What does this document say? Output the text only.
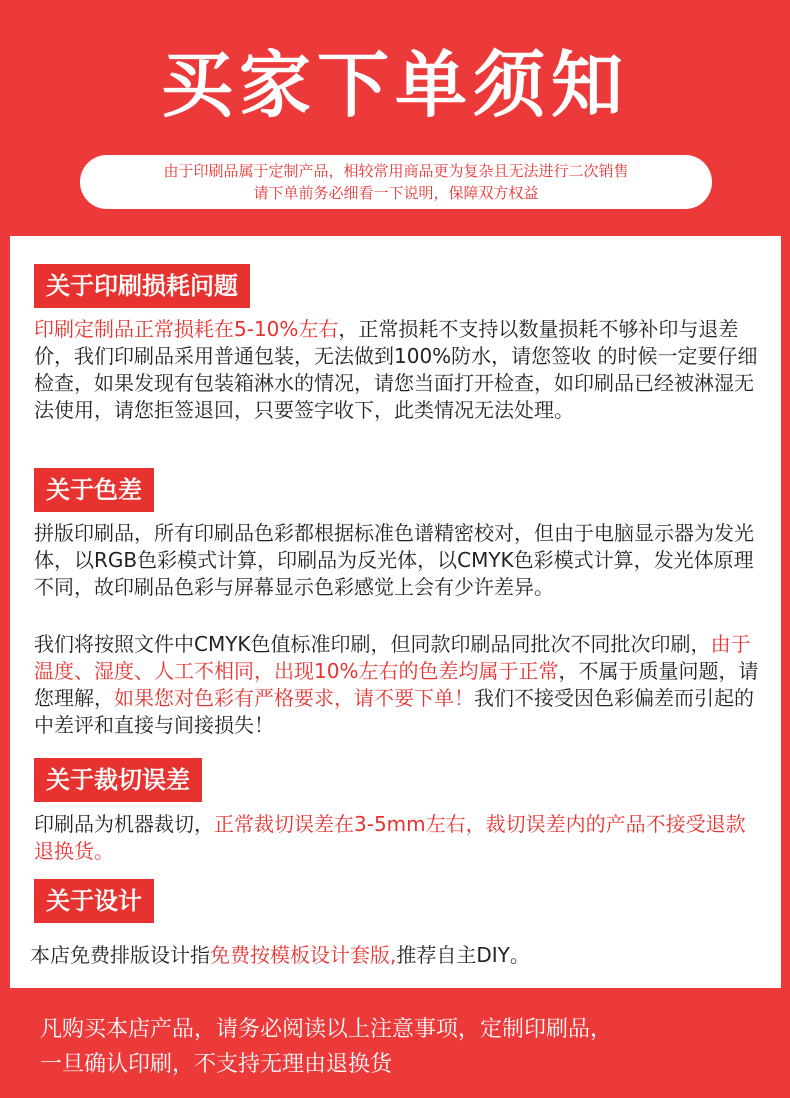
买家下单须知
由于印刷品属于定制产品，相较常用商品更为复杂且无法进行二次销售
请下单前务必细看一下说明，保障双方权益
关于印刷损耗问题

印刷定制品正常损耗在5-10%左右，正常损耗不支持以数量损耗不够补印与退差价，我们印刷品采用普通包装，无法做到100%防水，请您签收 的时候一定要仔细检查，如果发现有包装箱淋水的情况，请您当面打开检查，如印刷品已经被淋湿无法使用，请您拒签退回，只要签字收下，此类情况无法处理。

关于色差

拼版印刷品，所有印刷品色彩都根据标准色谱精密校对，但由于电脑显示器为发光体，以RGB色彩模式计算，印刷品为反光体，以CMYK色彩模式计算，发光体原理不同，故印刷品色彩与屏幕显示色彩感觉上会有少许差异。

我们将按照文件中CMYK色值标准印刷，但同款印刷品同批次不同批次印刷，由于温度、湿度、人工不相同，出现10%左右的色差均属于正常，不属于质量问题，请您理解，如果您对色彩有严格要求，请不要下单！我们不接受因色彩偏差而引起的中差评和直接与间接损失！

关于裁切误差

印刷品为机器裁切，正常裁切误差在3-5mm左右，裁切误差内的产品不接受退款退换货。

关于设计

本店免费排版设计指免费按模板设计套版,推荐自主DIY。

凡购买本店产品，请务必阅读以上注意事项，定制印刷品，
一旦确认印刷，不支持无理由退换货
